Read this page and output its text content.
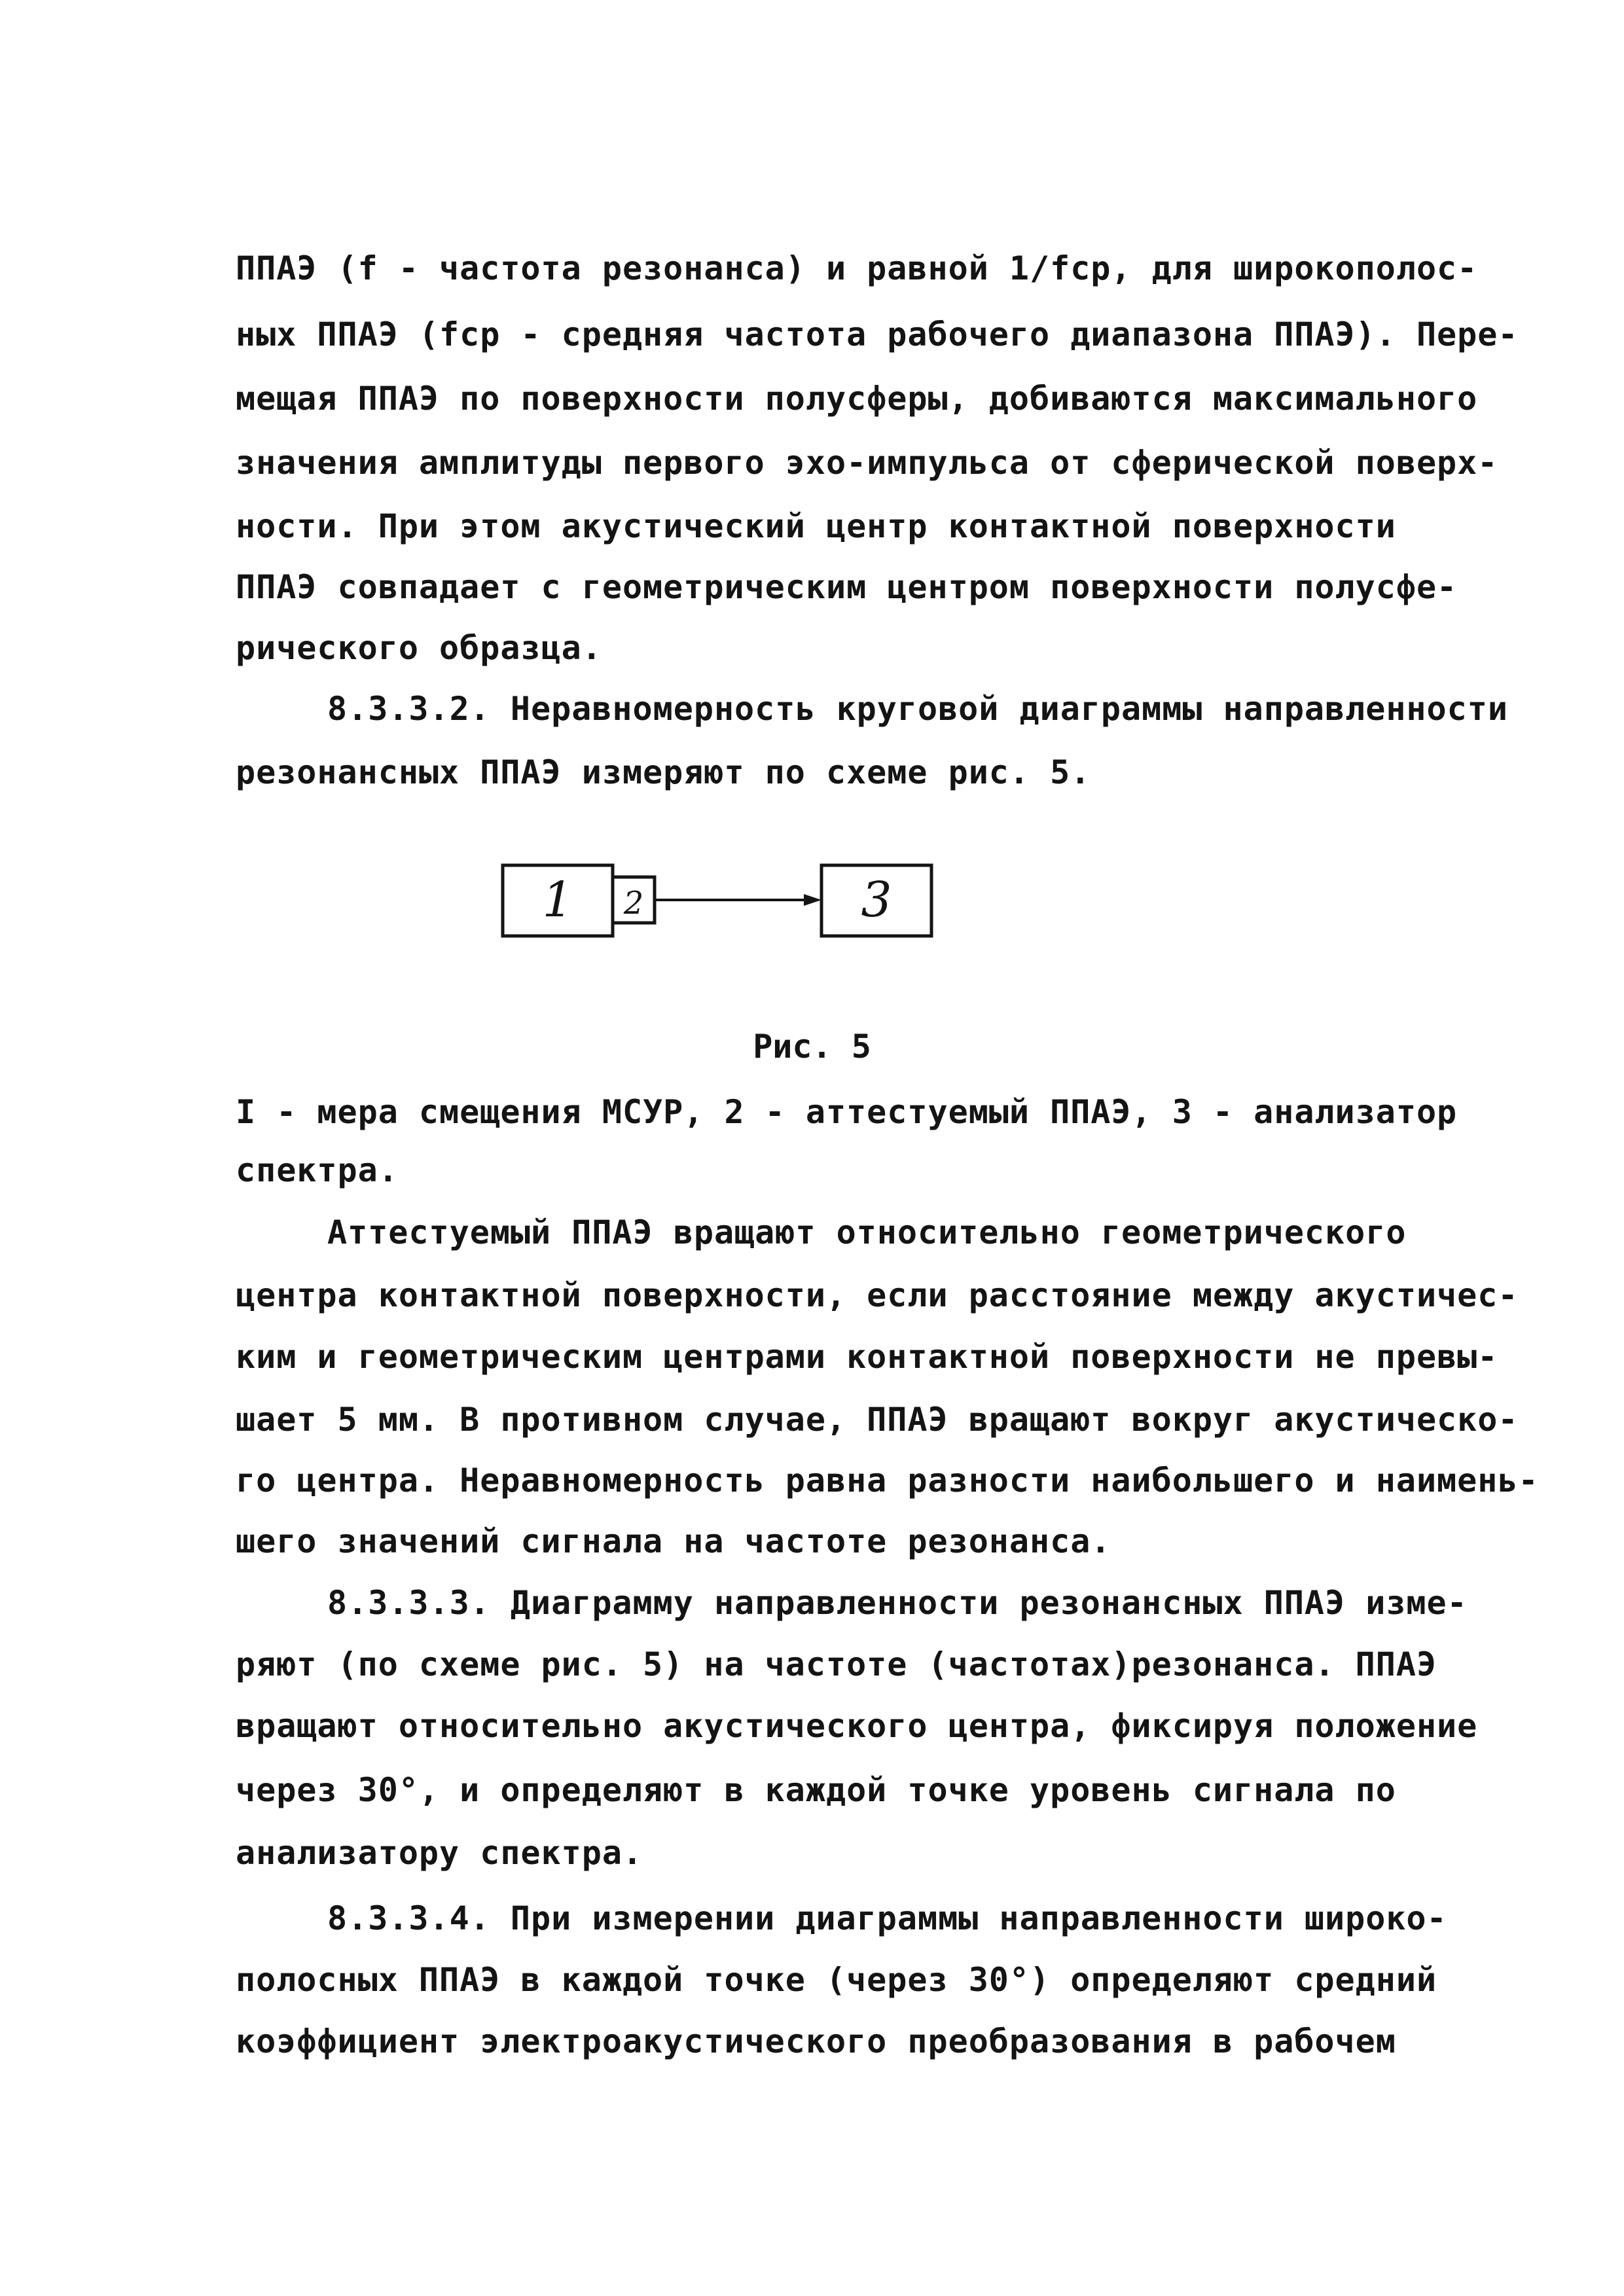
ППАЭ (f - частота резонанса) и равной 1/fср, для широкополос-
ных ППАЭ (fср - средняя частота рабочего диапазона ППАЭ). Пере-
мещая ППАЭ по поверхности полусферы, добиваются максимального
значения амплитуды первого эхо-импульса от сферической поверх-
ности. При этом акустический центр контактной поверхности
ППАЭ совпадает с геометрическим центром поверхности полусфе-
рического образца.
8.3.3.2. Неравномерность круговой диаграммы направленности
резонансных ППАЭ измеряют по схеме рис. 5.
1 2	3
Рис. 5
I - мера смещения МСУР, 2 - аттестуемый ППАЭ, 3 - анализатор
спектра.
Аттестуемый ППАЭ вращают относительно геометрического
центра контактной поверхности, если расстояние между акустичес-
ким и геометрическим центрами контактной поверхности не превы-
шает 5 мм. В противном случае, ППАЭ вращают вокруг акустическо-
го центра. Неравномерность равна разности наибольшего и наимень-
шего значений сигнала на частоте резонанса.
8.3.3.3. Диаграмму направленности резонансных ППАЭ изме-
ряют (по схеме рис. 5) на частоте (частотах)резонанса. ППАЭ
вращают относительно акустического центра, фиксируя положение
через 30°, и определяют в каждой точке уровень сигнала по
анализатору спектра.
8.3.3.4. При измерении диаграммы направленности широко-
полосных ППАЭ в каждой точке (через 30°) определяют средний
коэффициент электроакустического преобразования в рабочем
